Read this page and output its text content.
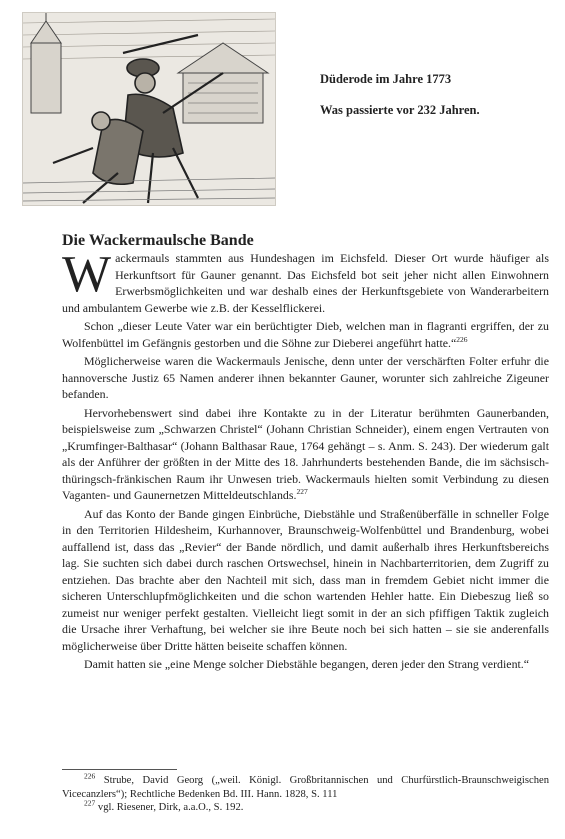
Düderode im Jahre 1773
Was passierte vor 232 Jahren.
Die Wackermaulsche Bande

Wackermauls stammten aus Hundeshagen im Eichsfeld. Dieser Ort wurde häufiger als Herkunftsort für Gauner genannt. Das Eichsfeld bot seit jeher nicht allen Einwohnern Erwerbsmöglichkeiten und war deshalb eines der Herkunftsgebiete von Wanderarbeitern und ambulantem Gewerbe wie z.B. der Kesselflickerei.

Schon „dieser Leute Vater war ein berüchtigter Dieb, welchen man in flagranti ergriffen, der zu Wolfenbüttel im Gefängnis gestorben und die Söhne zur Dieberei angeführt hatte.“$^{226}$

Möglicherweise waren die Wackermauls Jenische, denn unter der verschärften Folter erfuhr die hannoversche Justiz 65 Namen anderer ihnen bekannter Gauner, worunter sich zahlreiche Zigeuner befanden.

Hervorhebenswert sind dabei ihre Kontakte zu in der Literatur berühmten Gaunerbanden, beispielsweise zum „Schwarzen Christel“ (Johann Christian Schneider), einem engen Vertrauten von „Krumfinger-Balthasar“ (Johann Balthasar Raue, 1764 gehängt – s. Anm. S. 243). Der wiederum galt als der Anführer der größten in der Mitte des 18. Jahrhunderts bestehenden Bande, die im sächsisch-thüringsch-fränkischen Raum ihr Unwesen trieb. Wackermauls hielten somit Verbindung zu diesen Vaganten- und Gaunernetzen Mitteldeutschlands.$^{227}$

Auf das Konto der Bande gingen Einbrüche, Diebstähle und Straßenüberfälle in schneller Folge in den Territorien Hildesheim, Kurhannover, Braunschweig-Wolfenbüttel und Brandenburg, wobei auffallend ist, dass das „Revier“ der Bande nördlich, und damit außerhalb ihres Herkunftsbereichs lag. Sie suchten sich dabei durch raschen Ortswechsel, hinein in Nachbarterritorien, dem Zugriff zu entziehen. Das brachte aber den Nachteil mit sich, dass man in fremdem Gebiet nicht immer die sicheren Unterschlupfmöglichkeiten und die schon wartenden Hehler hatte. Ein Diebeszug ließ so zumeist nur weniger perfekt gestalten. Vielleicht liegt somit in der an sich pfiffigen Taktik zugleich die Ursache ihrer Verhaftung, bei welcher sie ihre Beute noch bei sich hatten – sie sie anderenfalls möglicherweise über Dritte hätten beiseite schaffen können.

Damit hatten sie „eine Menge solcher Diebstähle begangen, deren jeder den Strang verdient.“

$^{226}$ Strube, David Georg („weil. Königl. Großbritannischen und Churfürstlich-Braunschweigischen Vicecanzlers“); Rechtliche Bedenken Bd. III. Hann. 1828, S. 111

$^{227}$ vgl. Riesener, Dirk, a.a.O., S. 192.
